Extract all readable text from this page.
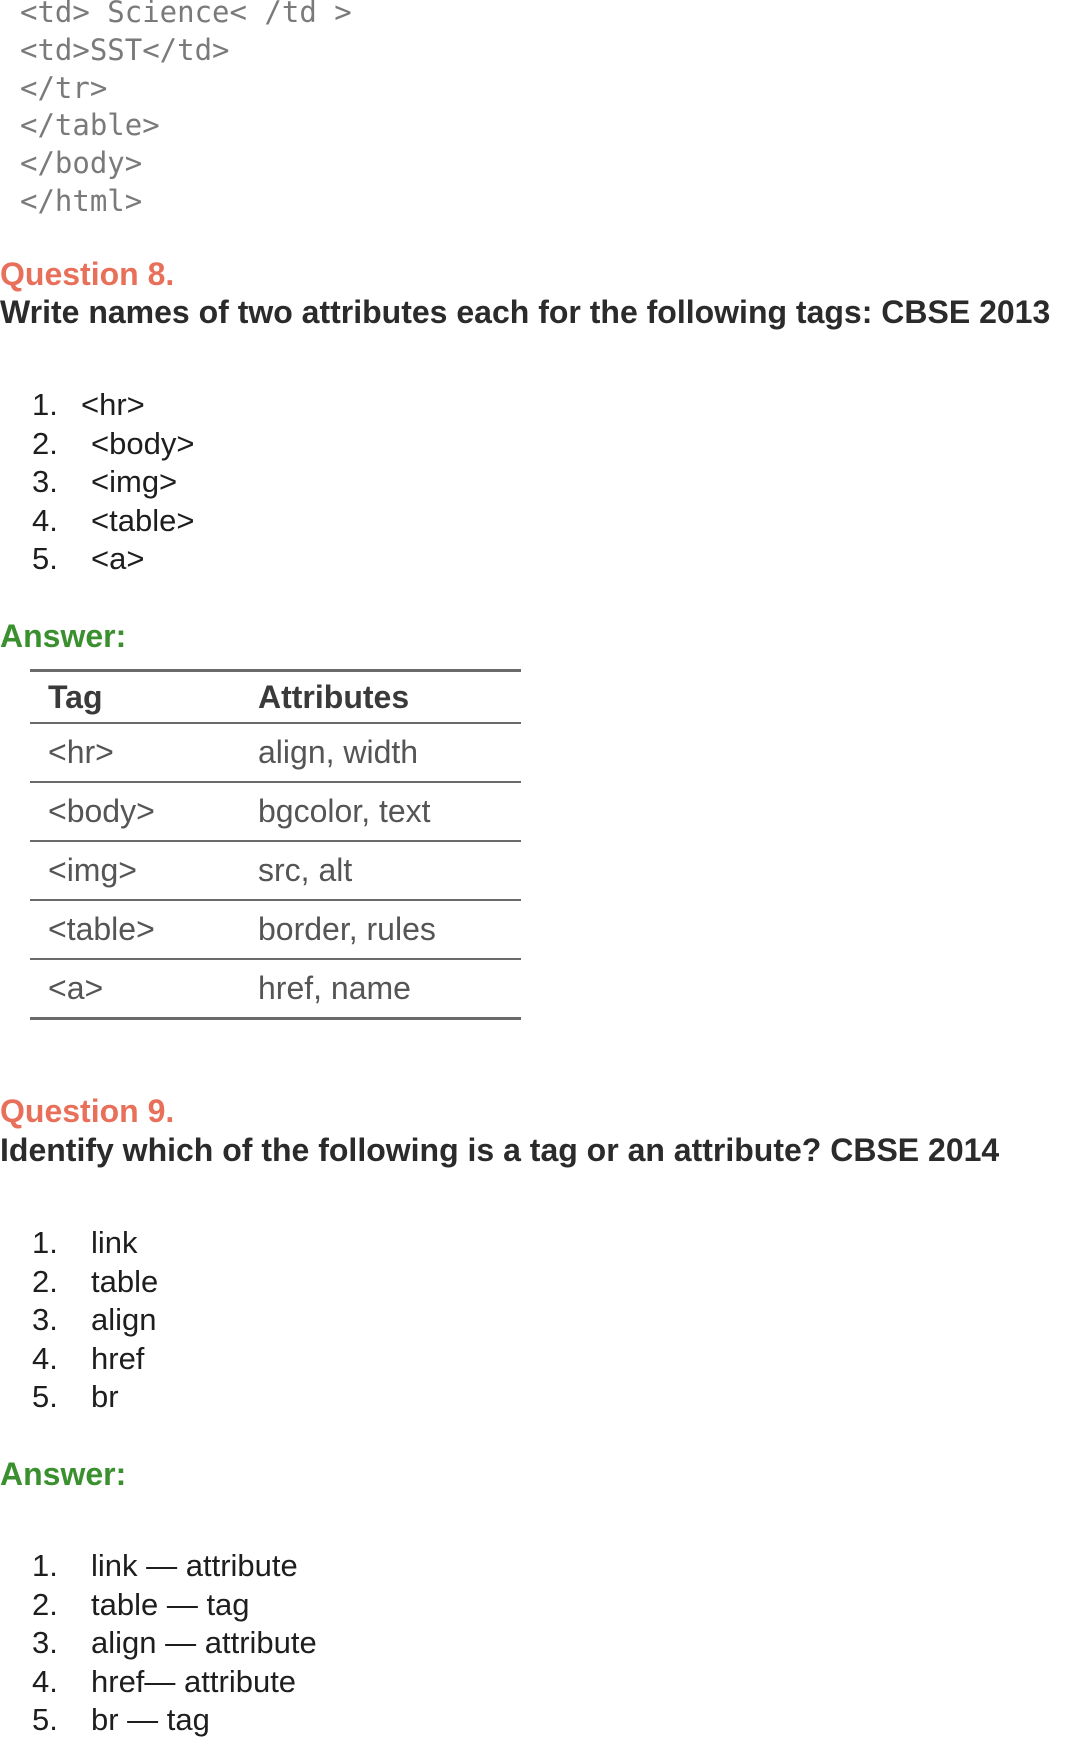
<td> Science< /td >
<td>SST</td>
</tr>
</table>
</body>
</html>
Question 8.
Write names of two attributes each for the following tags: CBSE 2013
1. <hr>
2. <body>
3. <img>
4. <table>
5. <a>
Answer:
Tag	Attributes
<hr>	align, width
<body>	bgcolor, text
<img>	src, alt
<table>	border, rules
<a>	href, name
Question 9.
Identify which of the following is a tag or an attribute? CBSE 2014
1. link
2. table
3. align
4. href
5. br
Answer:
1. link — attribute
2. table — tag
3. align — attribute
4. href— attribute
5. br — tag
